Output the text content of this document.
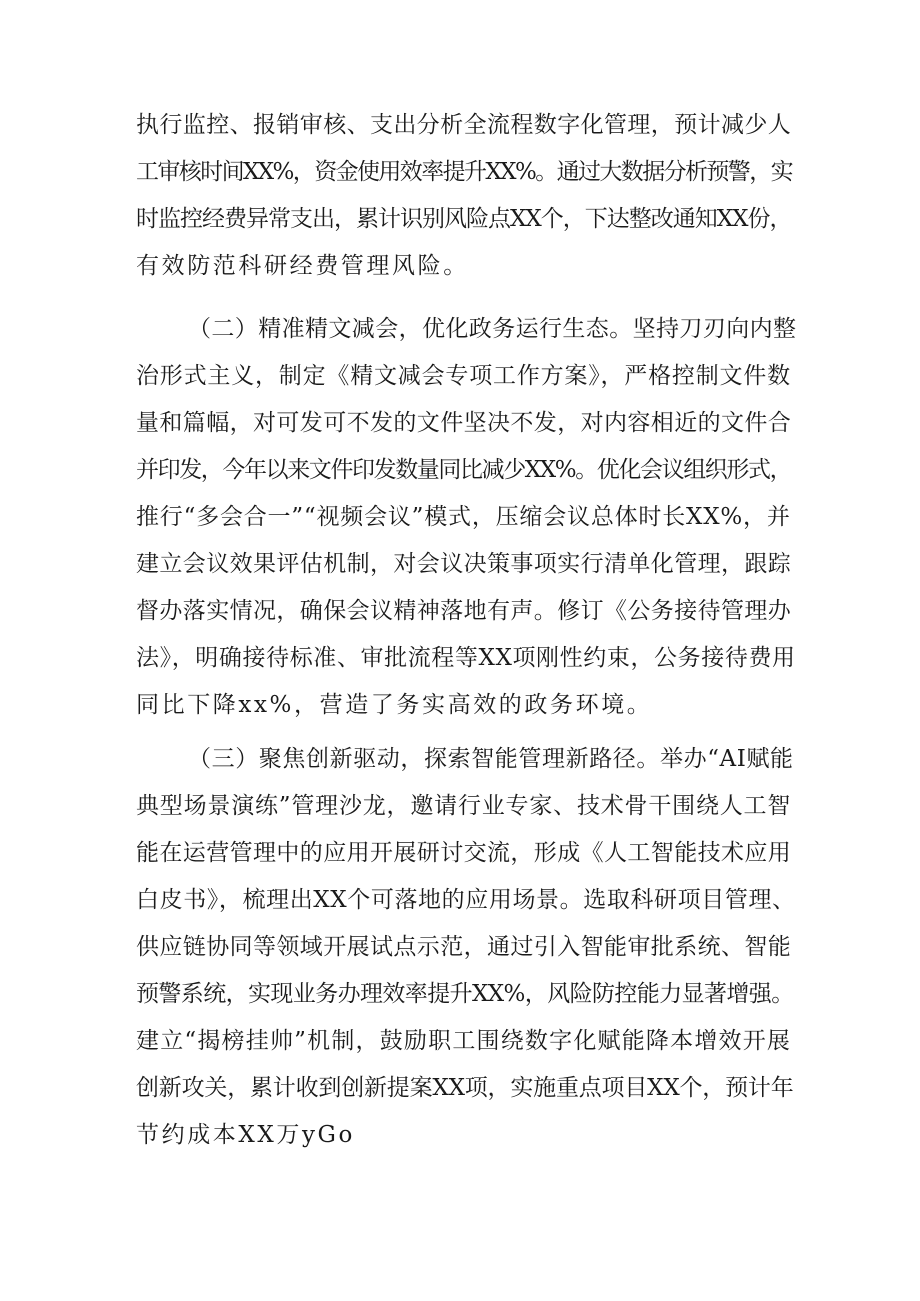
执行监控、报销审核、支出分析全流程数字化管理，预计减少人
工审核时间XX%，资金使用效率提升XX%。通过大数据分析预警，实
时监控经费异常支出，累计识别风险点XX个，下达整改通知XX份，
有效防范科研经费管理风险。
（二）精准精文减会，优化政务运行生态。坚持刀刃向内整
治形式主义，制定《精文减会专项工作方案》，严格控制文件数
量和篇幅，对可发可不发的文件坚决不发，对内容相近的文件合
并印发，今年以来文件印发数量同比减少XX%。优化会议组织形式，
推行“多会合一”“视频会议”模式，压缩会议总体时长XX%，并
建立会议效果评估机制，对会议决策事项实行清单化管理，跟踪
督办落实情况，确保会议精神落地有声。修订《公务接待管理办
法》，明确接待标准、审批流程等XX项刚性约束，公务接待费用
同比下降xx%，营造了务实高效的政务环境。
（三）聚焦创新驱动，探索智能管理新路径。举办“AI赋能
典型场景演练”管理沙龙，邀请行业专家、技术骨干围绕人工智
能在运营管理中的应用开展研讨交流，形成《人工智能技术应用
白皮书》，梳理出XX个可落地的应用场景。选取科研项目管理、
供应链协同等领域开展试点示范，通过引入智能审批系统、智能
预警系统，实现业务办理效率提升XX%，风险防控能力显著增强。
建立“揭榜挂帅”机制，鼓励职工围绕数字化赋能降本增效开展
创新攻关，累计收到创新提案XX项，实施重点项目XX个，预计年
节约成本XX万yGo
